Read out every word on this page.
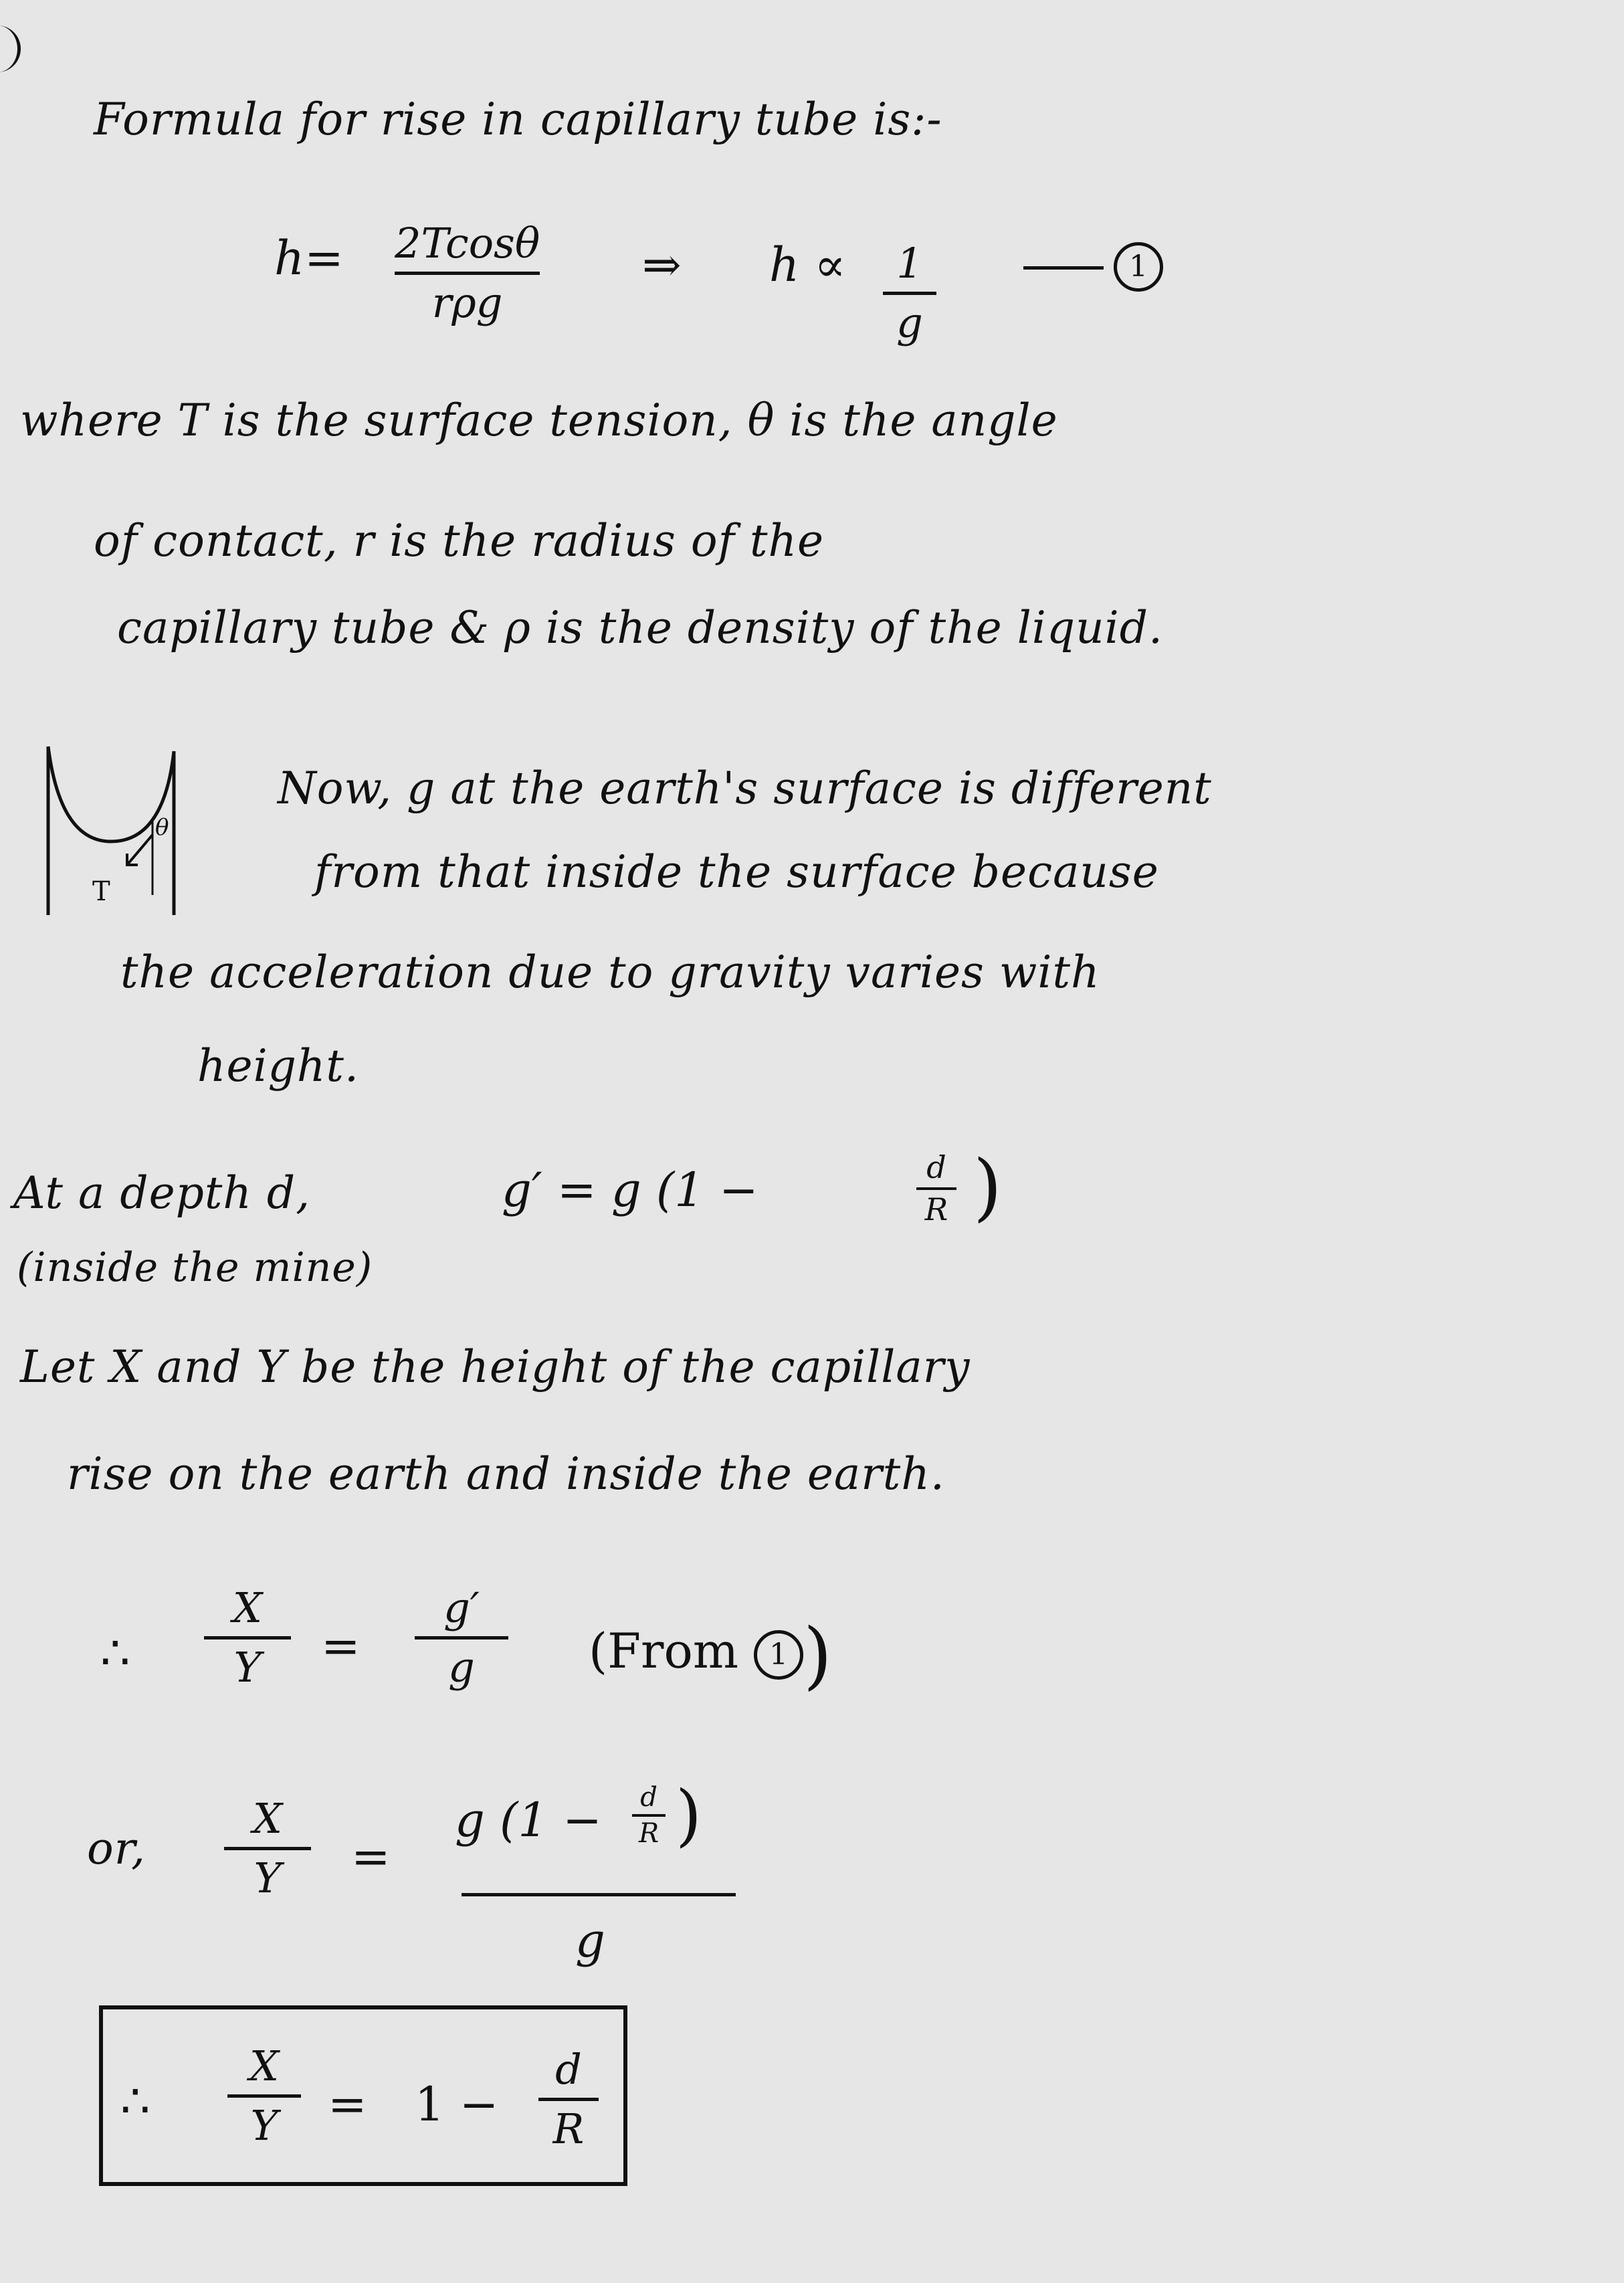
Formula for rise in capillary tube is:-
h= 2Tcosθ
rρg
⇒ h ∝ 1
g
1
where T is the surface tension, θ is the angle
of contact, r is the radius of the
capillary tube & ρ is the density of the liquid.
θ
T
Now, g at the earth's surface is different
from that inside the surface because
the acceleration due to gravity varies with
height.
At a depth d,	g′ = g (1 −	d
R )
(inside the mine)
Let X and Y be the height of the capillary
rise on the earth and inside the earth.
∴
X
Y =
g′
g (From 1 )
or,
X
Y =
g (1 − d
R )
g
∴
X
Y = 1 −
d
R
